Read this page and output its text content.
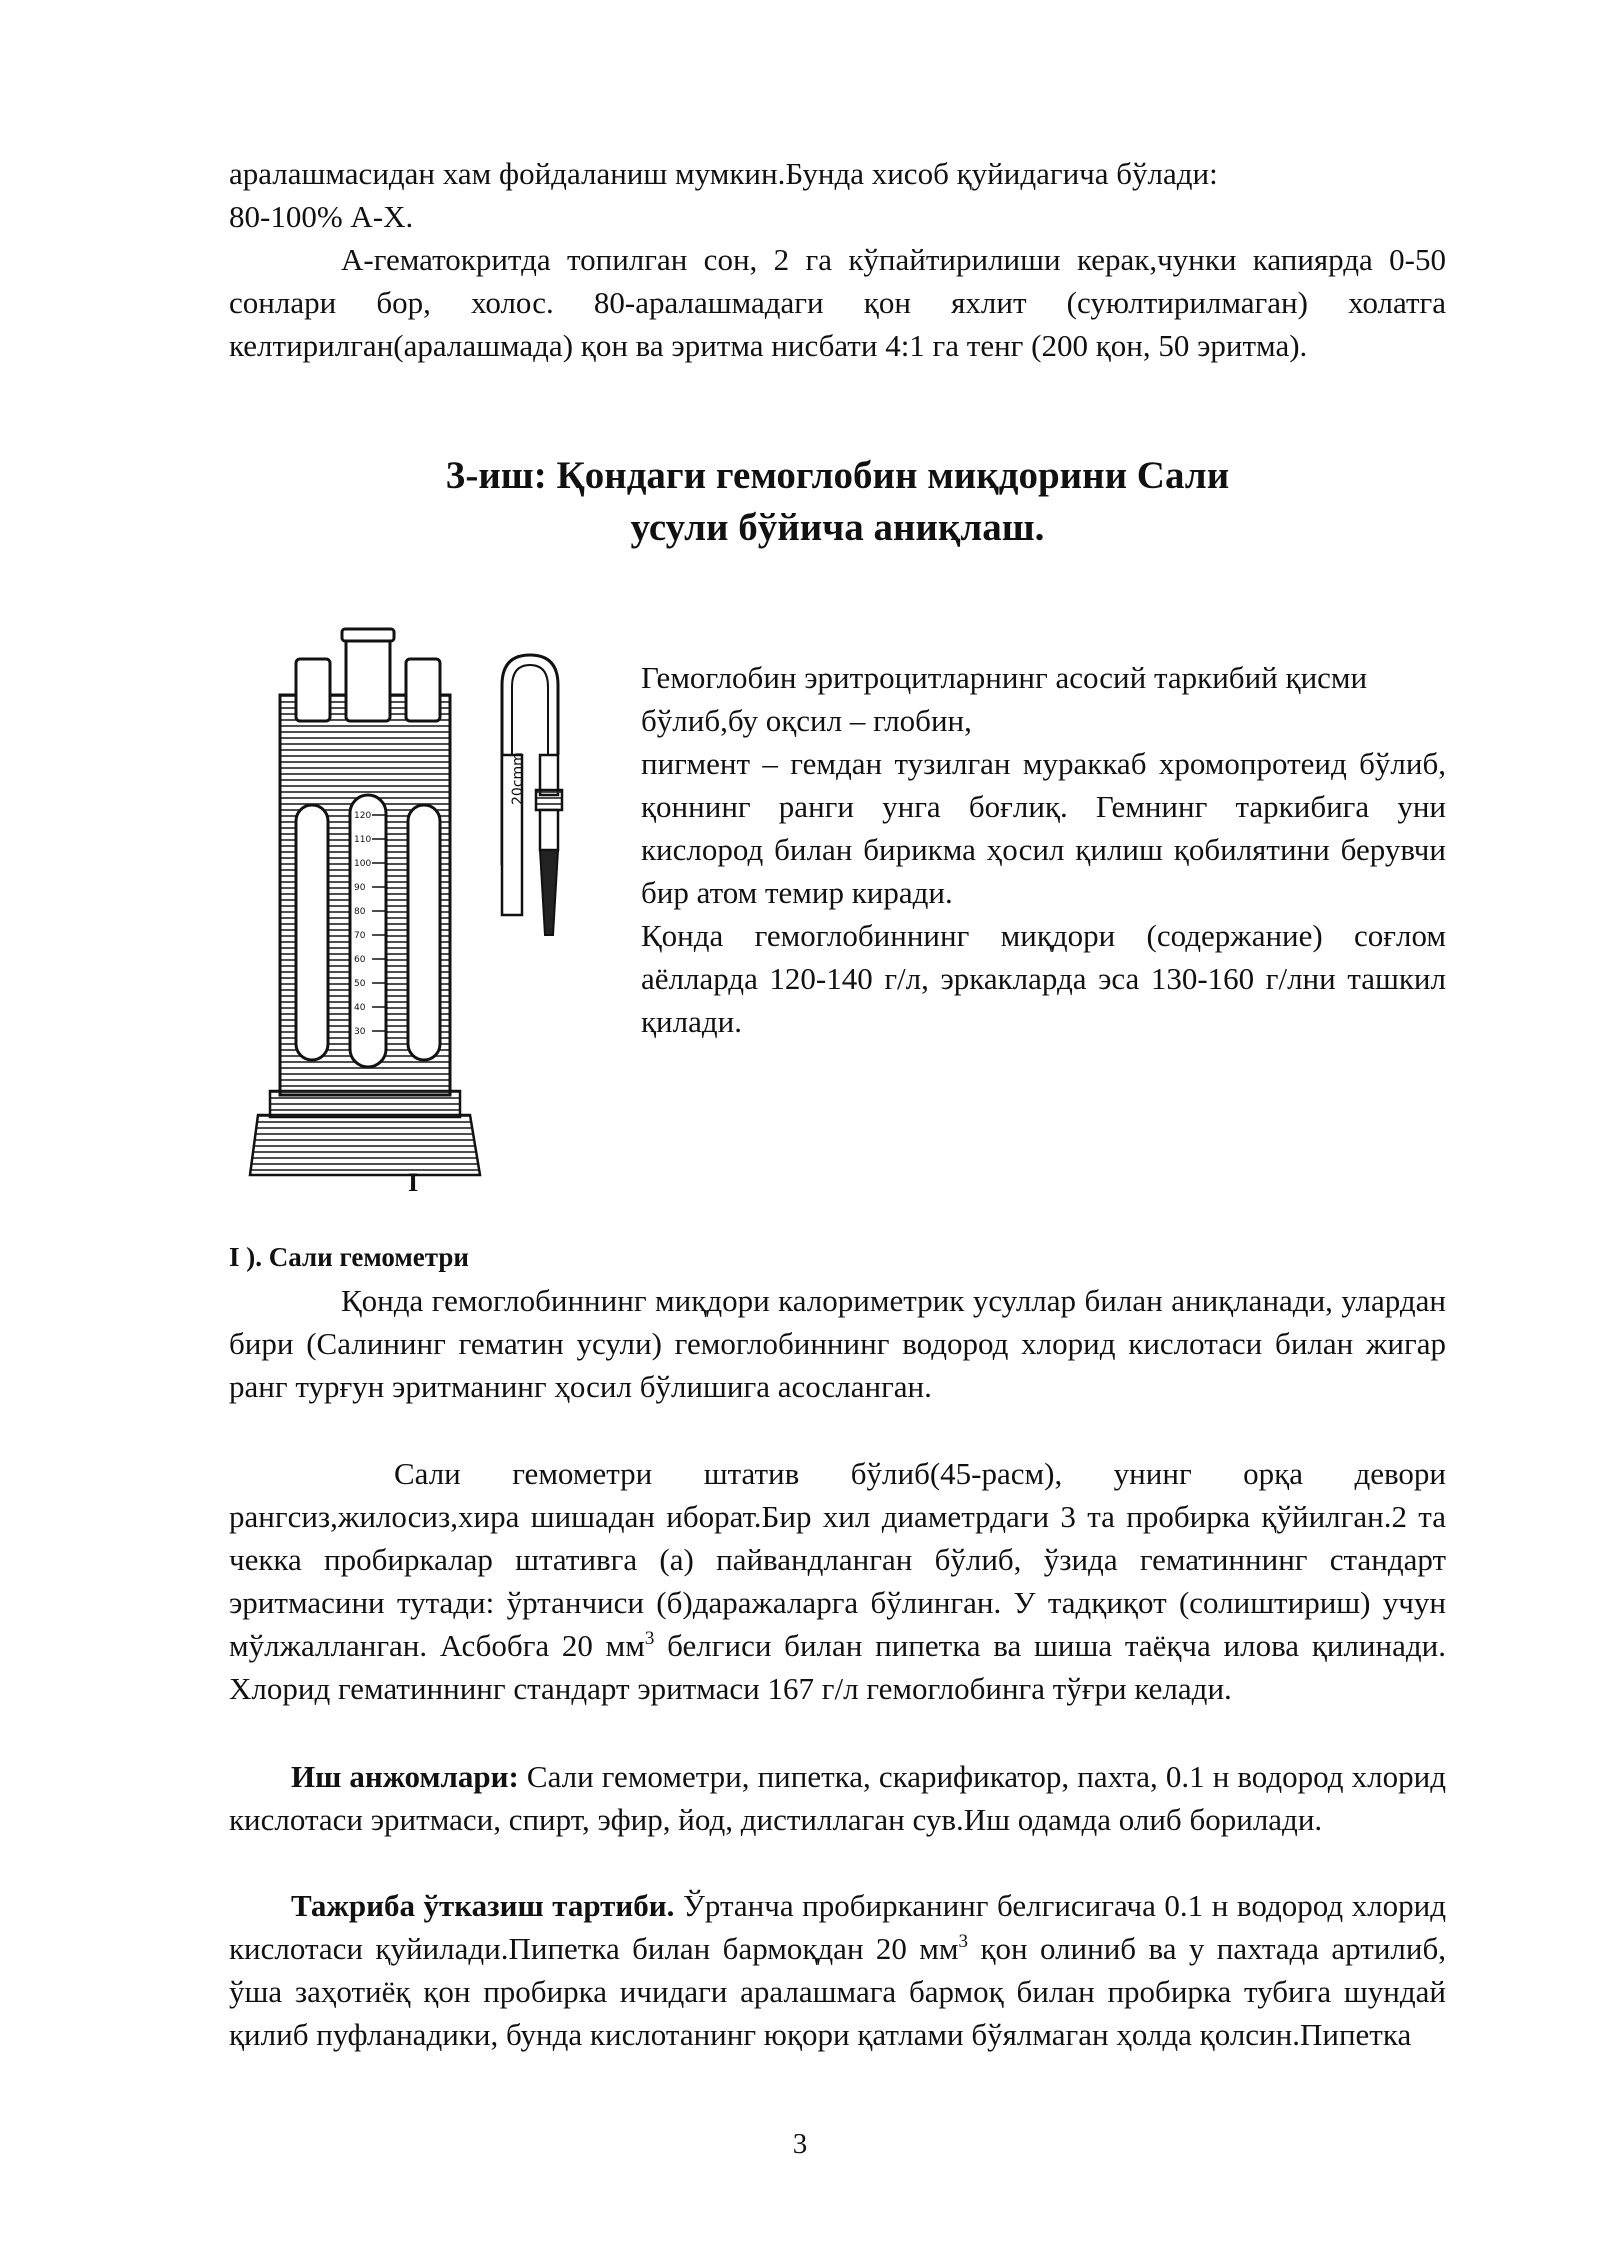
аралашмасидан хам фойдаланиш мумкин.Бунда хисоб қуйидагича бўлади:
80-100% А-Х.

А-гематокритда топилган сон, 2 га кўпайтирилиши керак,чунки капиярда 0-50 сонлари бор, холос. 80-аралашмадаги қон яхлит (суюлтирилмаган) холатга келтирилган(аралашмада) қон ва эритма нисбати 4:1 га тенг (200 қон, 50 эритма).

3-иш: Қондаги гемоглобин миқдорини Сали
усули бўйича аниқлаш.
120
110
100
90
80
70
60
50
40
30
20cmm
I

Гемоглобин эритроцитларнинг асосий таркибий қисми бўлиб,бу оқсил – глобин,

пигмент – гемдан тузилган мураккаб хромопротеид бўлиб, қоннинг ранги унга боғлиқ. Гемнинг таркибига уни кислород билан бирикма ҳосил қилиш қобилятини берувчи бир атом темир киради.

Қонда гемоглобиннинг миқдори (содержание) соғлом аёлларда 120-140 г/л, эркакларда эса 130-160 г/лни ташкил қилади.

I ). Сали гемометри

Қонда гемоглобиннинг миқдори калориметрик усуллар билан аниқланади, улардан бири (Салининг гематин усули) гемоглобиннинг водород хлорид кислотаси билан жигар ранг турғун эритманинг ҳосил бўлишига асосланган.

Сали гемометри штатив бўлиб(45-расм), унинг орқа девори рангсиз,жилосиз,хира шишадан иборат.Бир хил диаметрдаги 3 та пробирка қўйилган.2 та чекка пробиркалар штативга (а) пайвандланган бўлиб, ўзида гематиннинг стандарт эритмасини тутади: ўртанчиси (б)даражаларга бўлинган. У тадқиқот (солиштириш) учун мўлжалланган. Асбобга 20 $мм^3$ белгиси билан пипетка ва шиша таёқча илова қилинади. Хлорид гематиннинг стандарт эритмаси 167 г/л гемоглобинга тўғри келади.

Иш анжомлари: Сали гемометри, пипетка, скарификатор, пахта, 0.1 н водород хлорид кислотаси эритмаси, спирт, эфир, йод, дистиллаган сув.Иш одамда олиб борилади.

Тажриба ўтказиш тартиби. Ўртанча пробирканинг белгисигача 0.1 н водород хлорид кислотаси қуйилади.Пипетка билан бармоқдан 20 $мм^3$ қон олиниб ва у пахтада артилиб, ўша заҳотиёқ қон пробирка ичидаги аралашмага бармоқ билан пробирка тубига шундай қилиб пуфланадики, бунда кислотанинг юқори қатлами бўялмаган ҳолда қолсин.Пипетка

3
